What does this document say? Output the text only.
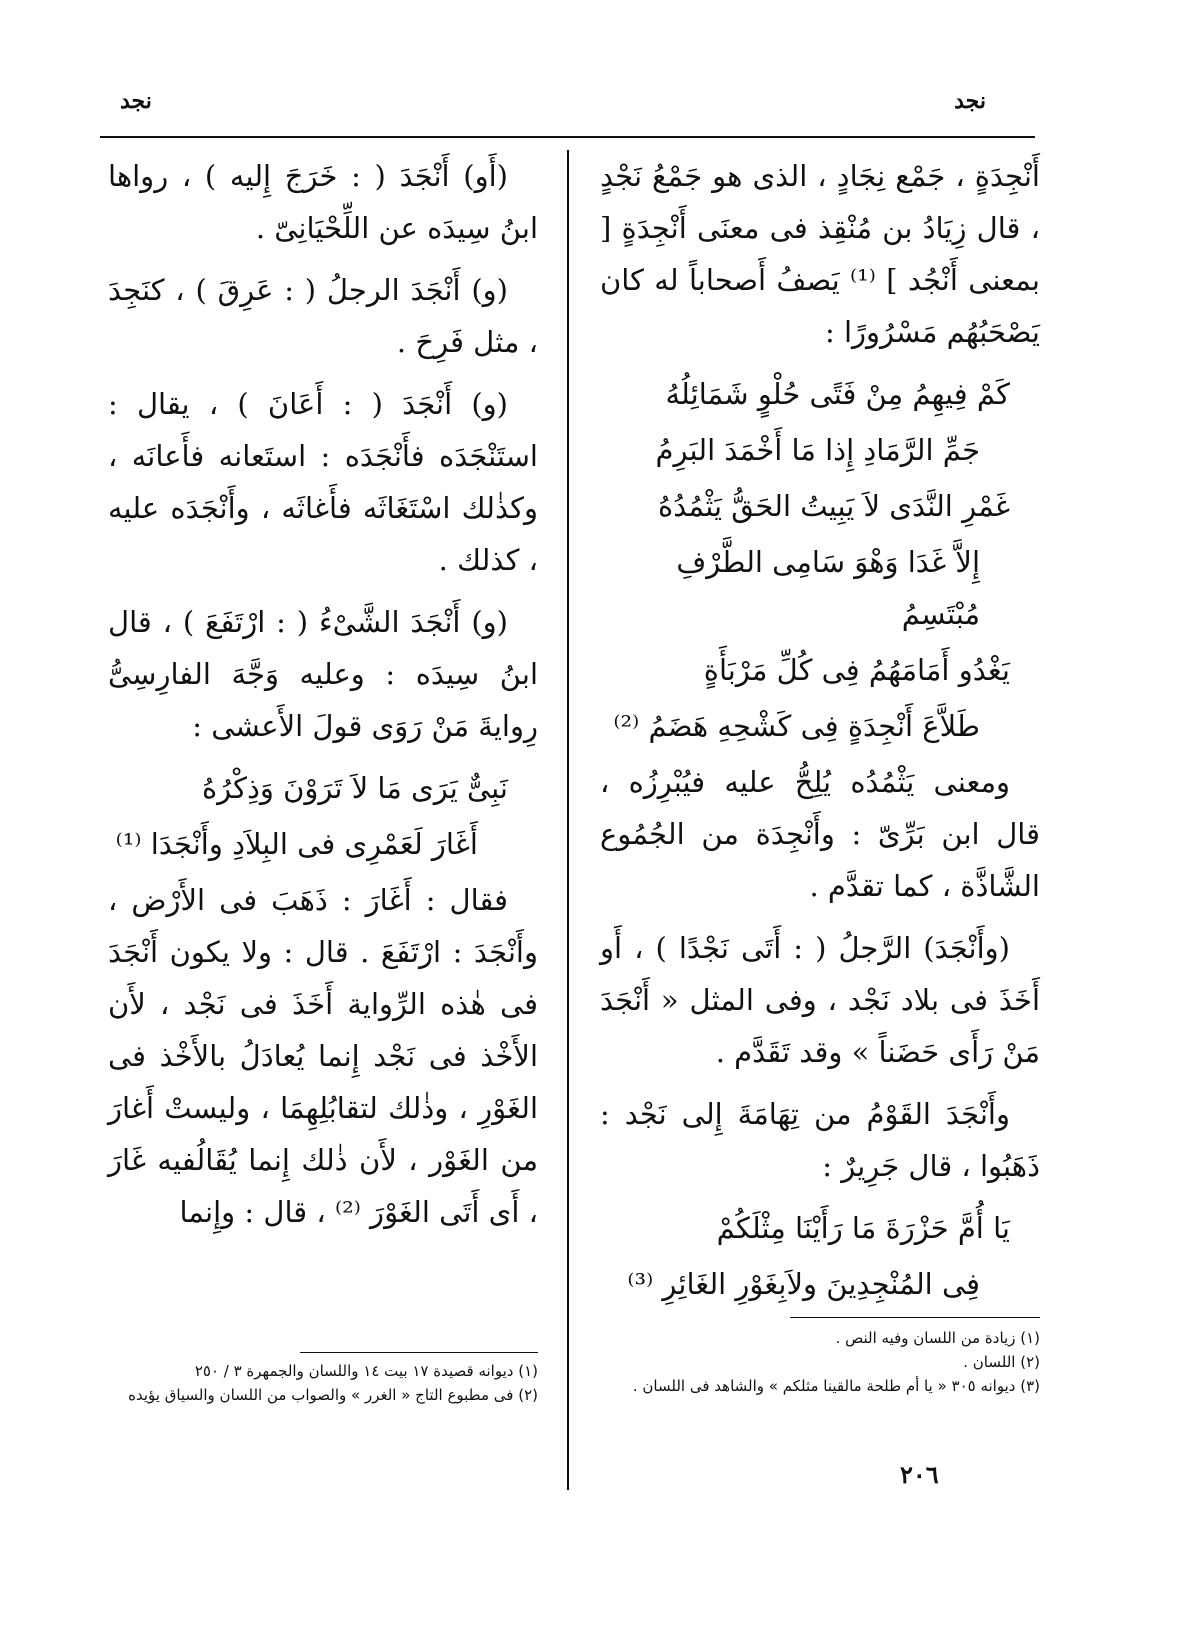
نجد
نجد

أَنْجِدَةٍ ، جَمْع نِجَادٍ ، الذى هو جَمْعُ نَجْدٍ ، قال زِيَادُ بن مُنْقِذ فى معنَى أَنْجِدَةٍ [ بمعنى أَنْجُد ] ⁽¹⁾ يَصفُ أَصحاباً له كان يَصْحَبُهُم مَسْرُورًا :

كَمْ فِيهِمُ مِنْ فَتًى حُلْوٍ شَمَائِلُهُ
جَمِّ الرَّمَادِ إِذا مَا أَخْمَدَ البَرِمُ
غَمْرِ النَّدَى لاَ يَبِيتُ الحَقُّ يَثْمُدُهُ
إِلاَّ غَدَا وَهْوَ سَامِى الطَّرْفِ مُبْتَسِمُ
يَغْدُو أَمَامَهُمُ فِى كُلِّ مَرْبَأَةٍ
طَلاَّعَ أَنْجِدَةٍ فِى كَشْحِهِ هَضَمُ ⁽²⁾

ومعنى يَثْمُدُه يُلِحُّ عليه فيُبْرِزُه ، قال ابن بَرِّىّ : وأَنْجِدَة من الجُمُوع الشَّاذَّة ، كما تقدَّم .

(وأَنْجَدَ) الرَّجلُ ( : أَتَى نَجْدًا ) ، أَو أَخَذَ فى بلاد نَجْد ، وفى المثل « أَنْجَدَ مَنْ رَأَى حَضَناً » وقد تَقَدَّم .

وأَنْجَدَ القَوْمُ من تِهَامَةَ إِلى نَجْد : ذَهَبُوا ، قال جَرِيرٌ :

يَا أُمَّ حَزْرَةَ مَا رَأَيْنَا مِثْلَكُمْ
فِى المُنْجِدِينَ ولاَبِغَوْرِ الغَائِرِ ⁽³⁾

(أَو) أَنْجَدَ ( : خَرَجَ إِليه ) ، رواها ابنُ سِيدَه عن اللِّحْيَانِىّ .

(و) أَنْجَدَ الرجلُ ( : عَرِقَ ) ، كنَجِدَ ، مثل فَرِحَ .

(و) أَنْجَدَ ( : أَعَانَ ) ، يقال : استَنْجَدَه فأَنْجَدَه : استَعانه فأَعانَه ، وكذٰلك اسْتَغَاثَه فأَغاثَه ، وأَنْجَدَه عليه ، كذلك .

(و) أَنْجَدَ الشَّىْءُ ( : ارْتَفَعَ ) ، قال ابنُ سِيدَه : وعليه وَجَّهَ الفارِسِىُّ رِوايةَ مَنْ رَوَى قولَ الأَعشى :

نَبِىٌّ يَرَى مَا لاَ تَرَوْنَ وَذِكْرُهُ
أَغَارَ لَعَمْرِى فى البِلاَدِ وأَنْجَدَا ⁽¹⁾

فقال : أَغَارَ : ذَهَبَ فى الأَرْض ، وأَنْجَدَ : ارْتَفَعَ . قال : ولا يكون أَنْجَدَ فى هٰذه الرِّواية أَخَذَ فى نَجْد ، لأَن الأَخْذ فى نَجْد إِنما يُعادَلُ بالأَخْذ فى الغَوْرِ ، وذٰلك لتقابُلِهِمَا ، وليستْ أَغارَ من الغَوْر ، لأَن ذٰلك إِنما يُقَالُفيه غَارَ ، أَى أَتَى الغَوْرَ ⁽²⁾ ، قال : وإِنما

(١) زيادة من اللسان وفيه النص .
(٢) اللسان .
(٣) ديوانه ٣٠٥ « يا أم طلحة مالقينا مثلكم » والشاهد فى اللسان .
(١) ديوانه قصيدة ١٧ بيت ١٤ واللسان والجمهرة ٣ / ٢٥٠
(٢) فى مطبوع التاج « الغرر » والصواب من اللسان والسياق يؤيده
٢٠٦
